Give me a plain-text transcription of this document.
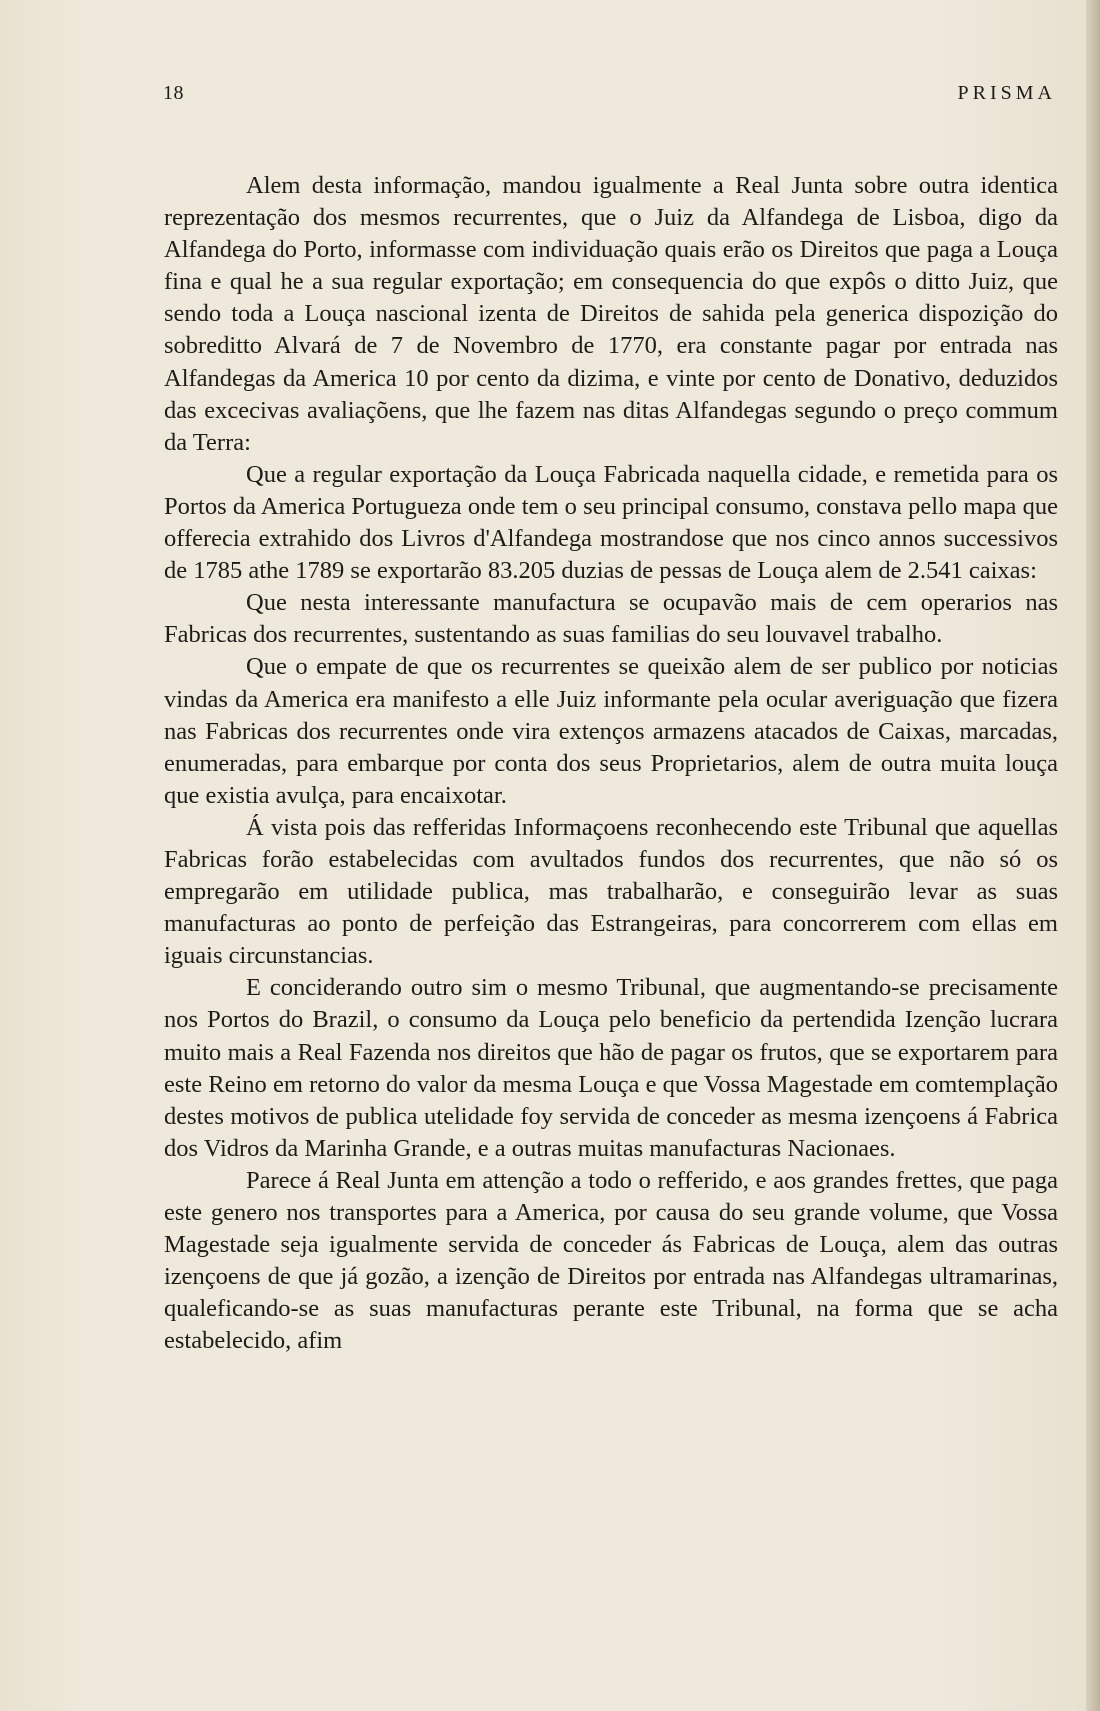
18	PRISMA

Alem desta informação, mandou igualmente a Real Junta sobre outra identica reprezentação dos mesmos recurrentes, que o Juiz da Alfandega de Lisboa, digo da Alfandega do Porto, informasse com individuação quais erão os Direitos que paga a Louça fina e qual he a sua regular exportação; em consequencia do que expôs o ditto Juiz, que sendo toda a Louça nascional izenta de Direitos de sahida pela generica dispozição do sobreditto Alvará de 7 de Novembro de 1770, era constante pagar por entrada nas Alfandegas da America 10 por cento da dizima, e vinte por cento de Donativo, deduzidos das excecivas avaliaçõens, que lhe fazem nas ditas Alfandegas segundo o preço commum da Terra:

Que a regular exportação da Louça Fabricada naquella cidade, e remetida para os Portos da America Portugueza onde tem o seu principal consumo, constava pello mapa que offerecia extrahido dos Livros d'Alfandega mostrandose que nos cinco annos successivos de 1785 athe 1789 se exportarão 83.205 duzias de pessas de Louça alem de 2.541 caixas:

Que nesta interessante manufactura se ocupavão mais de cem operarios nas Fabricas dos recurrentes, sustentando as suas familias do seu louvavel trabalho.

Que o empate de que os recurrentes se queixão alem de ser publico por noticias vindas da America era manifesto a elle Juiz informante pela ocular averiguação que fizera nas Fabricas dos recurrentes onde vira extenços armazens atacados de Caixas, marcadas, enumeradas, para embarque por conta dos seus Proprietarios, alem de outra muita louça que existia avulça, para encaixotar.

Á vista pois das refferidas Informaçoens reconhecendo este Tribunal que aquellas Fabricas forão estabelecidas com avultados fundos dos recurrentes, que não só os empregarão em utilidade publica, mas trabalharão, e conseguirão levar as suas manufacturas ao ponto de perfeição das Estrangeiras, para concorrerem com ellas em iguais circunstancias.

E conciderando outro sim o mesmo Tribunal, que augmentando-se precisamente nos Portos do Brazil, o consumo da Louça pelo beneficio da pertendida Izenção lucrara muito mais a Real Fazenda nos direitos que hão de pagar os frutos, que se exportarem para este Reino em retorno do valor da mesma Louça e que Vossa Magestade em comtemplação destes motivos de publica utelidade foy servida de conceder as mesma izençoens á Fabrica dos Vidros da Marinha Grande, e a outras muitas manufacturas Nacionaes.

Parece á Real Junta em attenção a todo o refferido, e aos grandes frettes, que paga este genero nos transportes para a America, por causa do seu grande volume, que Vossa Magestade seja igualmente servida de conceder ás Fabricas de Louça, alem das outras izençoens de que já gozão, a izenção de Direitos por entrada nas Alfandegas ultramarinas, qualeficando-se as suas manufacturas perante este Tribunal, na forma que se acha estabelecido, afim
